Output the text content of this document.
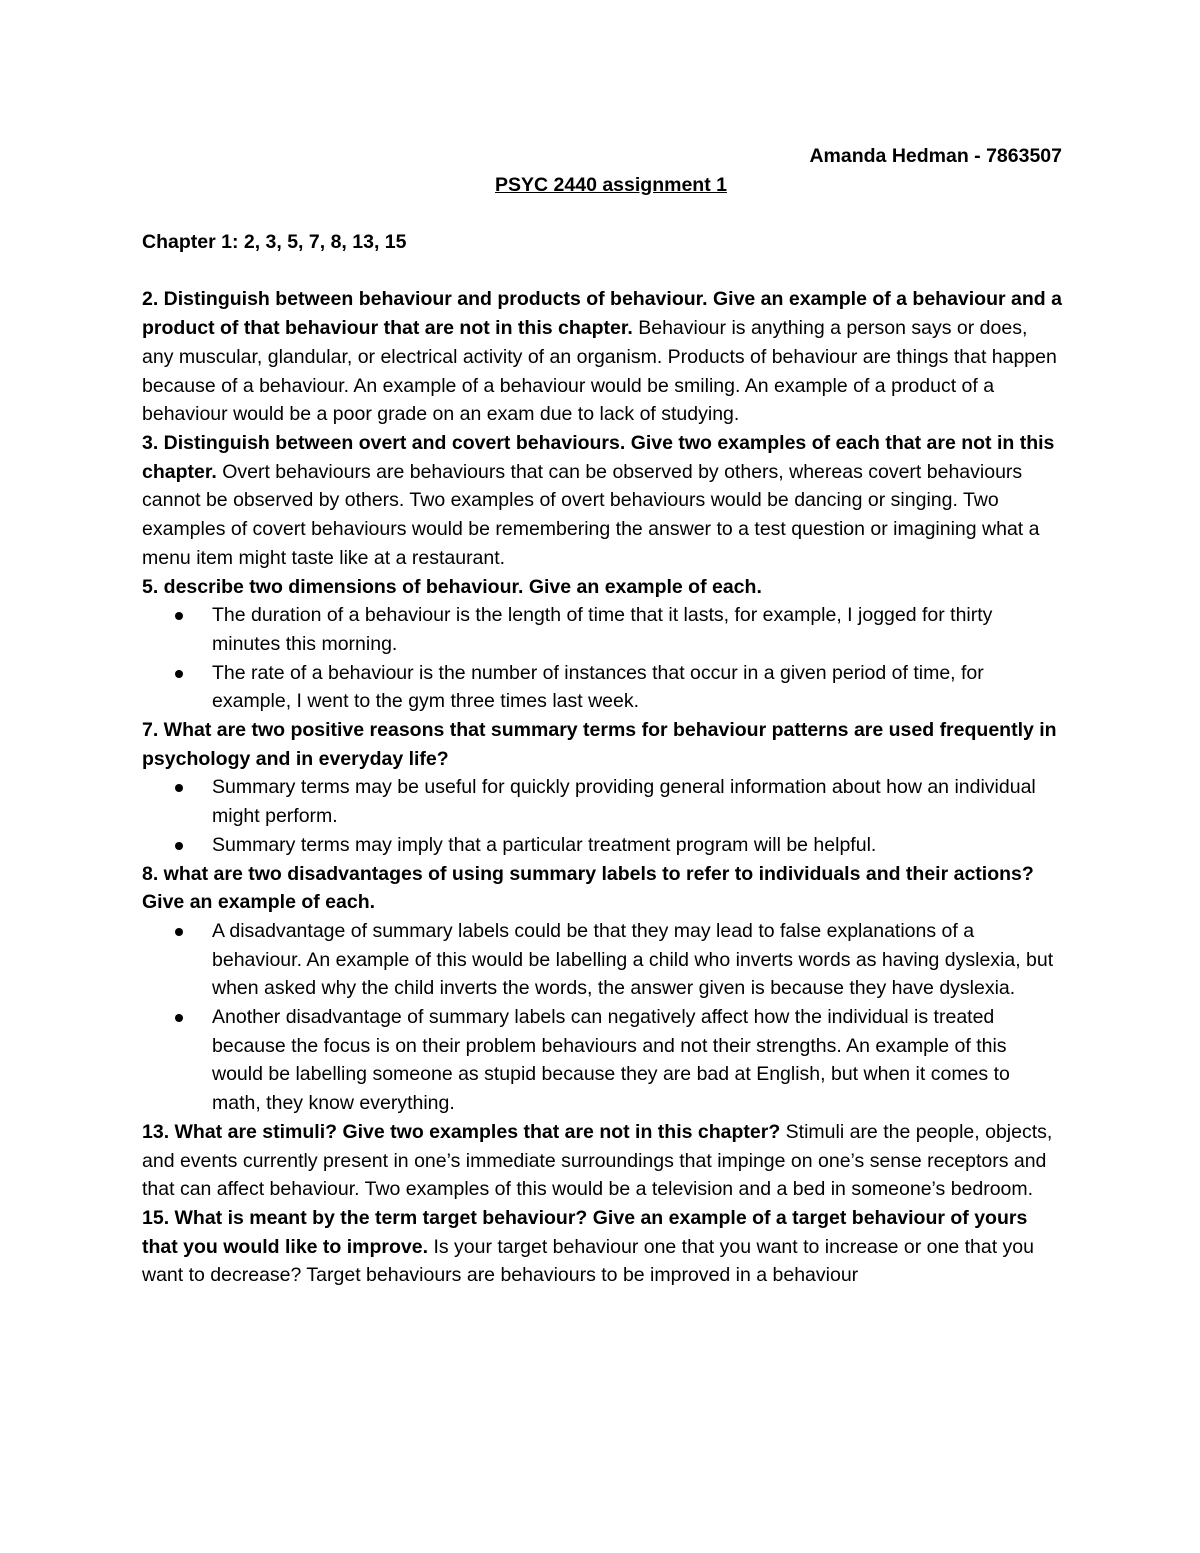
Amanda Hedman - 7863507

PSYC 2440 assignment 1

Chapter 1: 2, 3, 5, 7, 8, 13, 15

2. Distinguish between behaviour and products of behaviour. Give an example of a behaviour and a product of that behaviour that are not in this chapter. Behaviour is anything a person says or does, any muscular, glandular, or electrical activity of an organism. Products of behaviour are things that happen because of a behaviour. An example of a behaviour would be smiling. An example of a product of a behaviour would be a poor grade on an exam due to lack of studying.

3. Distinguish between overt and covert behaviours. Give two examples of each that are not in this chapter. Overt behaviours are behaviours that can be observed by others, whereas covert behaviours cannot be observed by others. Two examples of overt behaviours would be dancing or singing. Two examples of covert behaviours would be remembering the answer to a test question or imagining what a menu item might taste like at a restaurant.

5. describe two dimensions of behaviour. Give an example of each.

The duration of a behaviour is the length of time that it lasts, for example, I jogged for thirty minutes this morning.
The rate of a behaviour is the number of instances that occur in a given period of time, for example, I went to the gym three times last week.

7. What are two positive reasons that summary terms for behaviour patterns are used frequently in psychology and in everyday life?

Summary terms may be useful for quickly providing general information about how an individual might perform.
Summary terms may imply that a particular treatment program will be helpful.

8. what are two disadvantages of using summary labels to refer to individuals and their actions? Give an example of each.

A disadvantage of summary labels could be that they may lead to false explanations of a behaviour. An example of this would be labelling a child who inverts words as having dyslexia, but when asked why the child inverts the words, the answer given is because they have dyslexia.
Another disadvantage of summary labels can negatively affect how the individual is treated because the focus is on their problem behaviours and not their strengths. An example of this would be labelling someone as stupid because they are bad at English, but when it comes to math, they know everything.

13. What are stimuli? Give two examples that are not in this chapter? Stimuli are the people, objects, and events currently present in one’s immediate surroundings that impinge on one’s sense receptors and that can affect behaviour. Two examples of this would be a television and a bed in someone’s bedroom.

15. What is meant by the term target behaviour? Give an example of a target behaviour of yours that you would like to improve. Is your target behaviour one that you want to increase or one that you want to decrease? Target behaviours are behaviours to be improved in a behaviour
